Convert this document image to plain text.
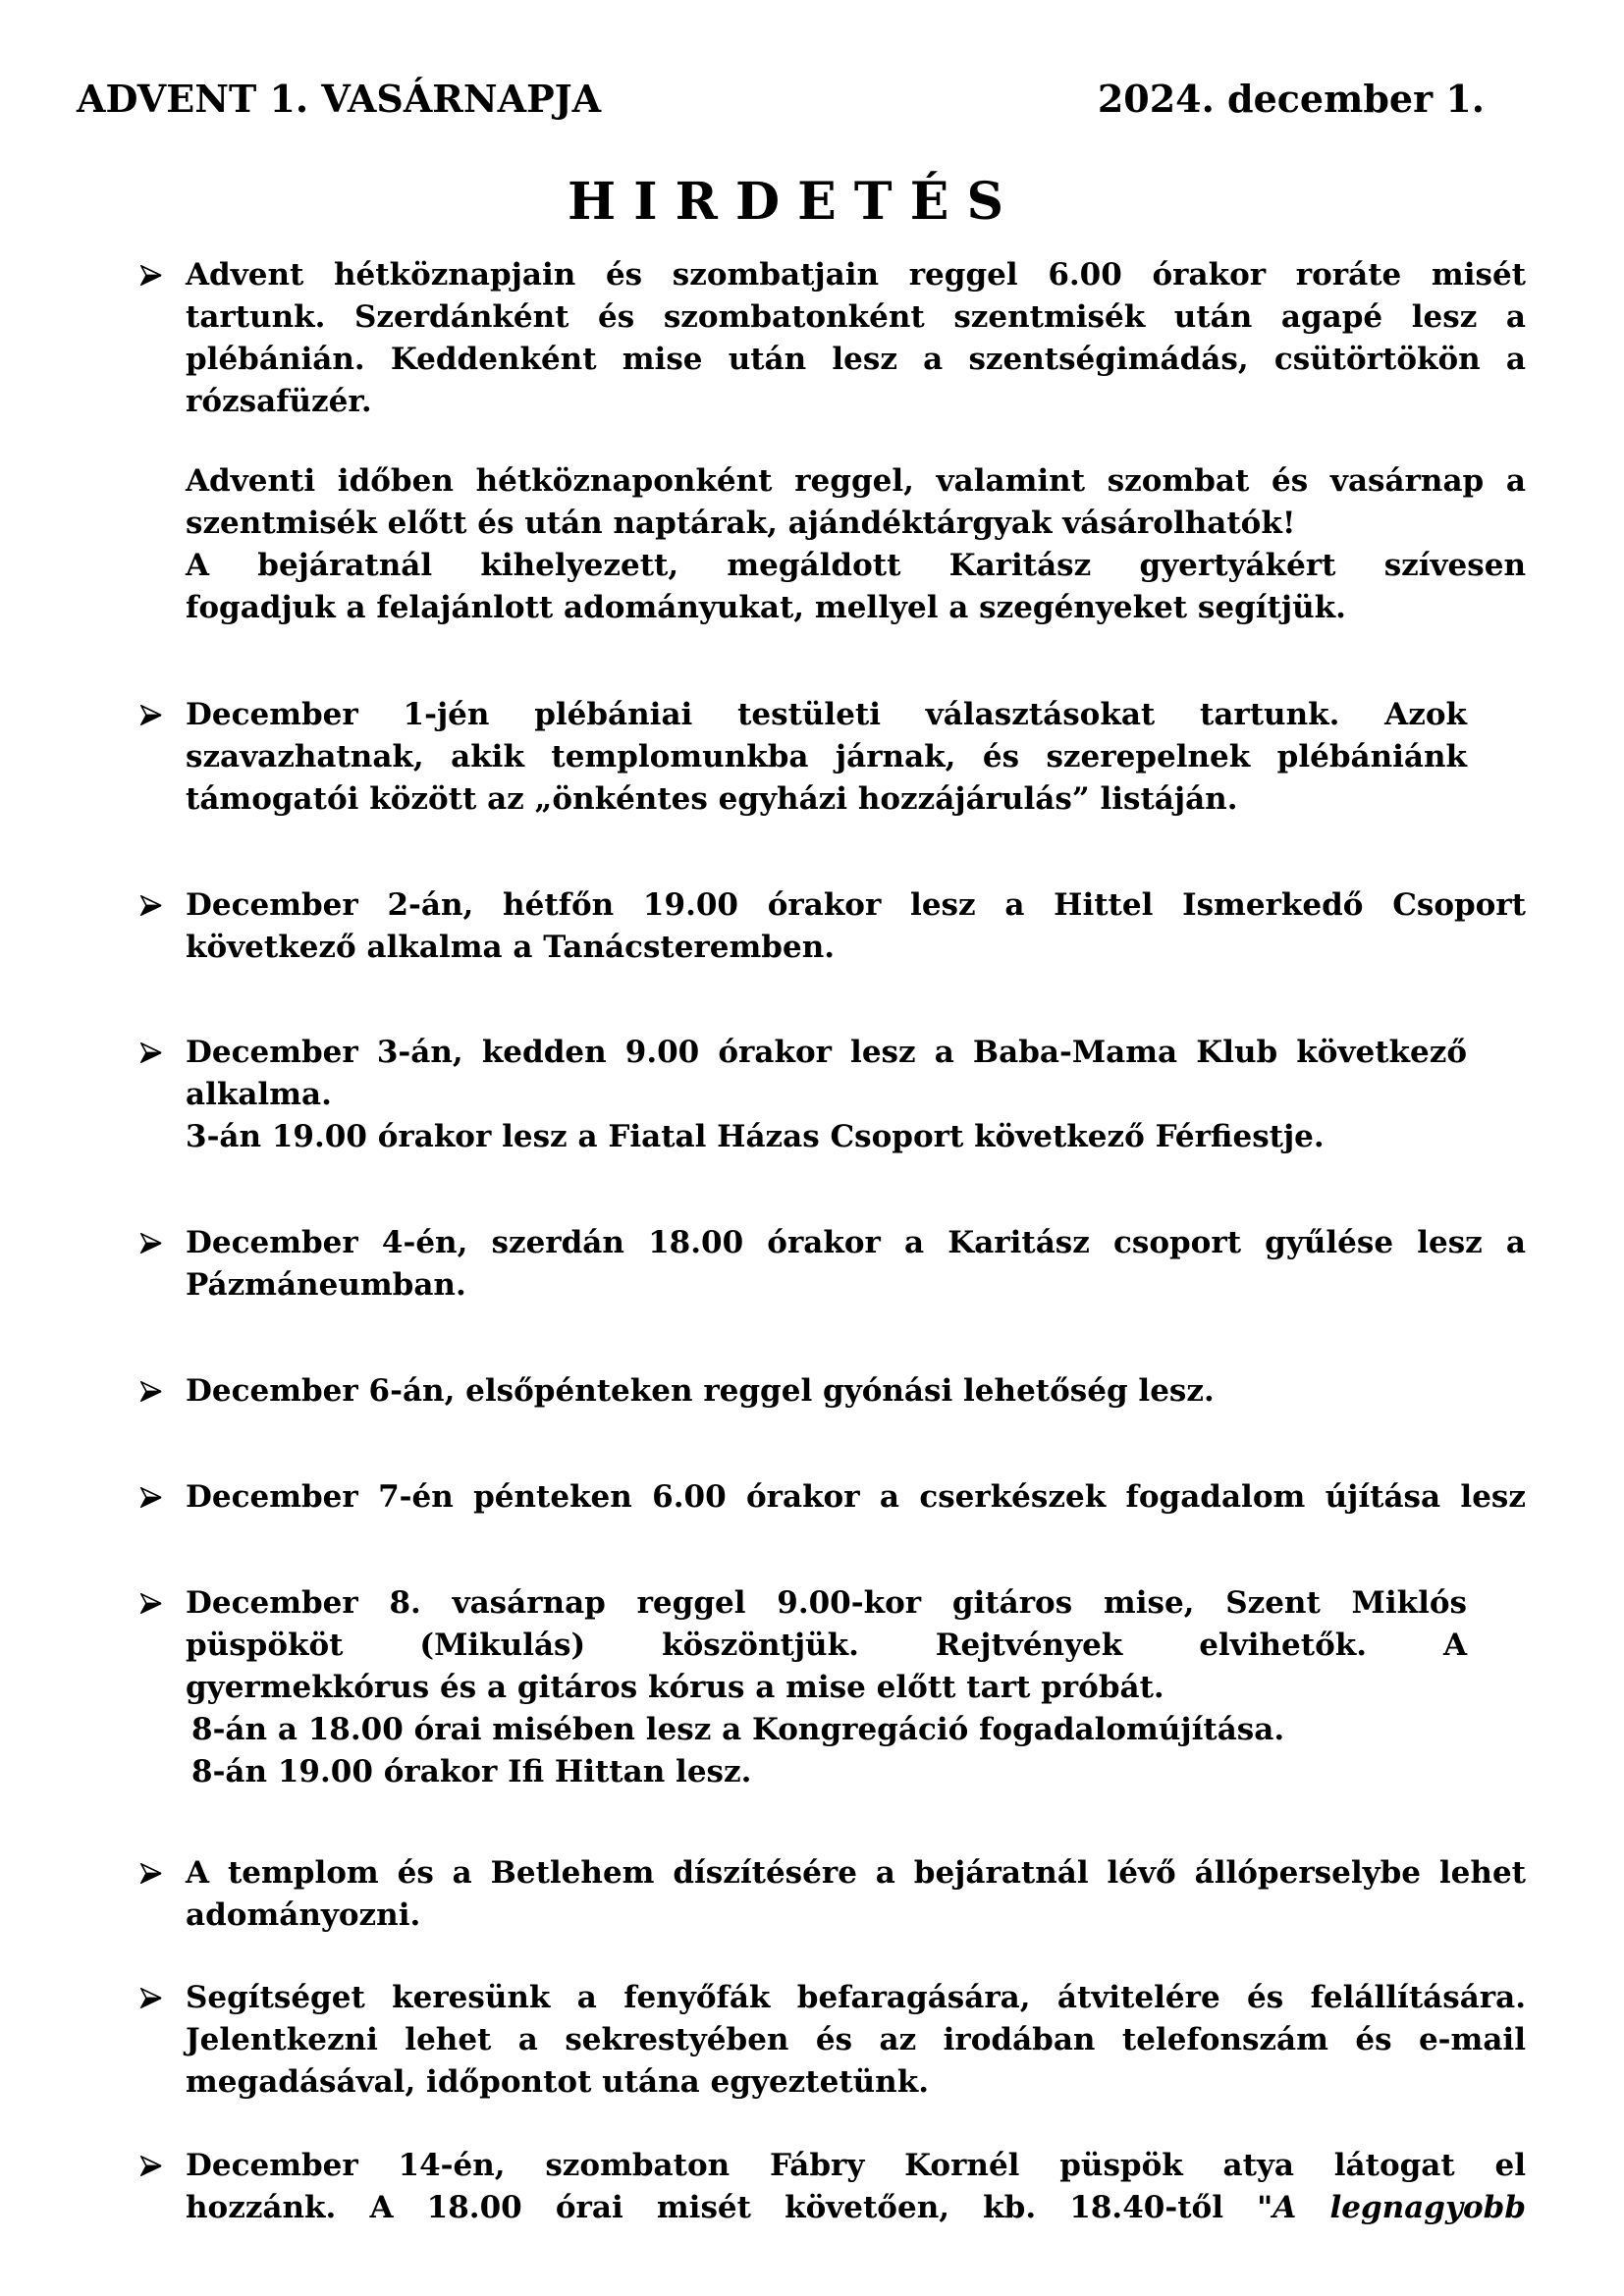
ADVENT 1. VASÁRNAPJA	2024. december 1.
H I R D E T É S
Advent hétköznapjain és szombatjain reggel 6.00 órakor roráte misét
tartunk. Szerdánként és szombatonként szentmisék után agapé lesz a
plébánián. Keddenként mise után lesz a szentségimádás, csütörtökön a
rózsafüzér.
Adventi időben hétköznaponként reggel, valamint szombat és vasárnap a
szentmisék előtt és után naptárak, ajándéktárgyak vásárolhatók!
A bejáratnál kihelyezett, megáldott Karitász gyertyákért szívesen
fogadjuk a felajánlott adományukat, mellyel a szegényeket segítjük.
December 1-jén plébániai testületi választásokat tartunk. Azok
szavazhatnak, akik templomunkba járnak, és szerepelnek plébániánk
támogatói között az „önkéntes egyházi hozzájárulás” listáján.
December 2-án, hétfőn 19.00 órakor lesz a Hittel Ismerkedő Csoport
következő alkalma a Tanácsteremben.
December 3-án, kedden 9.00 órakor lesz a Baba-Mama Klub következő
alkalma.
3-án 19.00 órakor lesz a Fiatal Házas Csoport következő Férfiestje.
December 4-én, szerdán 18.00 órakor a Karitász csoport gyűlése lesz a
Pázmáneumban.
December 6-án, elsőpénteken reggel gyónási lehetőség lesz.
December 7-én pénteken 6.00 órakor a cserkészek fogadalom újítása lesz
December 8. vasárnap reggel 9.00-kor gitáros mise, Szent Miklós
püspököt (Mikulás) köszöntjük. Rejtvények elvihetők. A
gyermekkórus és a gitáros kórus a mise előtt tart próbát.
8-án a 18.00 órai misében lesz a Kongregáció fogadalomújítása.
8-án 19.00 órakor Ifi Hittan lesz.
A templom és a Betlehem díszítésére a bejáratnál lévő állóperselybe lehet
adományozni.
Segítséget keresünk a fenyőfák befaragására, átvitelére és felállítására.
Jelentkezni lehet a sekrestyében és az irodában telefonszám és e-mail
megadásával, időpontot utána egyeztetünk.
December 14-én, szombaton Fábry Kornél püspök atya látogat el
hozzánk. A 18.00 órai misét követően, kb. 18.40-től "A legnagyobb
